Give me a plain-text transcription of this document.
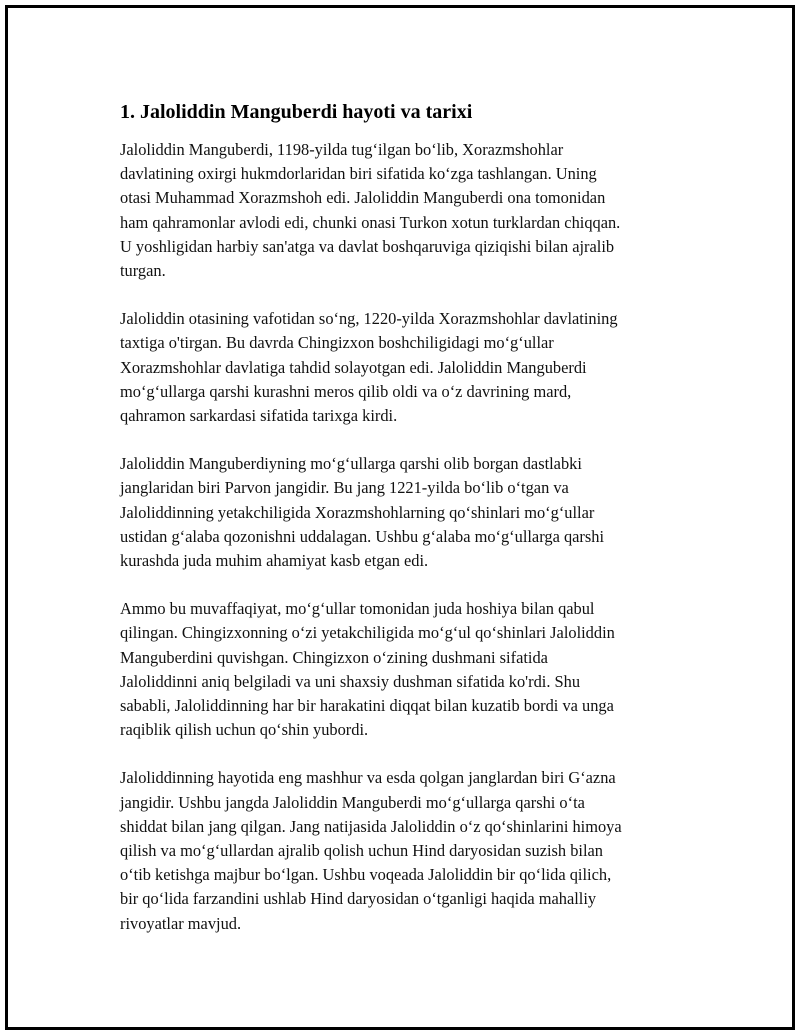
1. Jaloliddin Manguberdi hayoti va tarixi

Jaloliddin Manguberdi, 1198-yilda tug‘ilgan bo‘lib, Xorazmshohlar
davlatining oxirgi hukmdorlaridan biri sifatida ko‘zga tashlangan. Uning
otasi Muhammad Xorazmshoh edi. Jaloliddin Manguberdi ona tomonidan
ham qahramonlar avlodi edi, chunki onasi Turkon xotun turklardan chiqqan.
U yoshligidan harbiy san'atga va davlat boshqaruviga qiziqishi bilan ajralib
turgan.

Jaloliddin otasining vafotidan so‘ng, 1220-yilda Xorazmshohlar davlatining
taxtiga o'tirgan. Bu davrda Chingizxon boshchiligidagi mo‘g‘ullar
Xorazmshohlar davlatiga tahdid solayotgan edi. Jaloliddin Manguberdi
mo‘g‘ullarga qarshi kurashni meros qilib oldi va o‘z davrining mard,
qahramon sarkardasi sifatida tarixga kirdi.

Jaloliddin Manguberdiyning mo‘g‘ullarga qarshi olib borgan dastlabki
janglaridan biri Parvon jangidir. Bu jang 1221-yilda bo‘lib o‘tgan va
Jaloliddinning yetakchiligida Xorazmshohlarning qo‘shinlari mo‘g‘ullar
ustidan g‘alaba qozonishni uddalagan. Ushbu g‘alaba mo‘g‘ullarga qarshi
kurashda juda muhim ahamiyat kasb etgan edi.

Ammo bu muvaffaqiyat, mo‘g‘ullar tomonidan juda hoshiya bilan qabul
qilingan. Chingizxonning o‘zi yetakchiligida mo‘g‘ul qo‘shinlari Jaloliddin
Manguberdini quvishgan. Chingizxon o‘zining dushmani sifatida
Jaloliddinni aniq belgiladi va uni shaxsiy dushman sifatida ko'rdi. Shu
sababli, Jaloliddinning har bir harakatini diqqat bilan kuzatib bordi va unga
raqiblik qilish uchun qo‘shin yubordi.

Jaloliddinning hayotida eng mashhur va esda qolgan janglardan biri G‘azna
jangidir. Ushbu jangda Jaloliddin Manguberdi mo‘g‘ullarga qarshi o‘ta
shiddat bilan jang qilgan. Jang natijasida Jaloliddin o‘z qo‘shinlarini himoya
qilish va mo‘g‘ullardan ajralib qolish uchun Hind daryosidan suzish bilan
o‘tib ketishga majbur bo‘lgan. Ushbu voqeada Jaloliddin bir qo‘lida qilich,
bir qo‘lida farzandini ushlab Hind daryosidan o‘tganligi haqida mahalliy
rivoyatlar mavjud.
